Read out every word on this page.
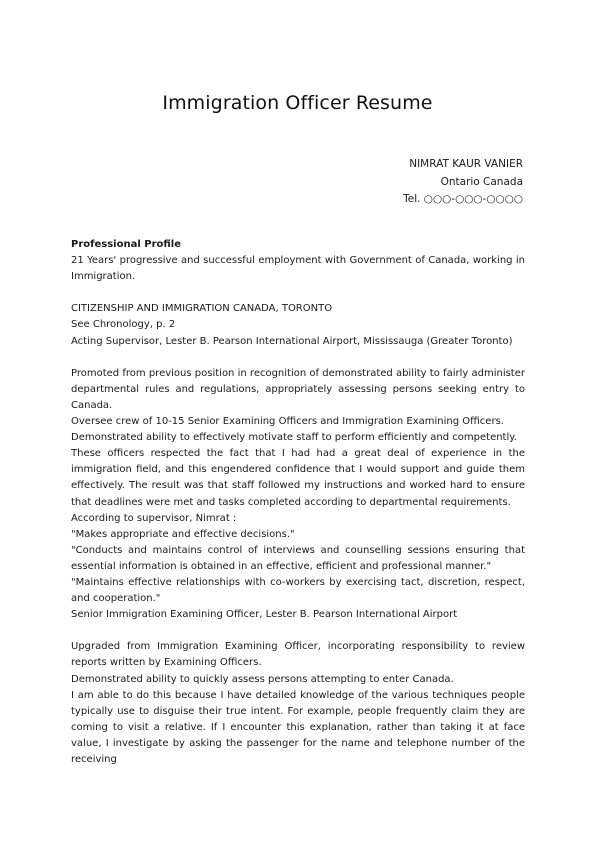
Immigration Officer Resume
NIMRAT KAUR VANIER
Ontario Canada
Tel. ○○○-○○○-○○○○
Professional Profile

21 Years' progressive and successful employment with Government of Canada, working in Immigration.

CITIZENSHIP AND IMMIGRATION CANADA, TORONTO

See Chronology, p. 2

Acting Supervisor, Lester B. Pearson International Airport, Mississauga (Greater Toronto)

Promoted from previous position in recognition of demonstrated ability to fairly administer departmental rules and regulations, appropriately assessing persons seeking entry to Canada.

Oversee crew of 10-15 Senior Examining Officers and Immigration Examining Officers.

Demonstrated ability to effectively motivate staff to perform efficiently and competently.

These officers respected the fact that I had had a great deal of experience in the immigration field, and this engendered confidence that I would support and guide them effectively. The result was that staff followed my instructions and worked hard to ensure that deadlines were met and tasks completed according to departmental requirements.

According to supervisor, Nimrat :

"Makes appropriate and effective decisions."

"Conducts and maintains control of interviews and counselling sessions ensuring that essential information is obtained in an effective, efficient and professional manner."

"Maintains effective relationships with co-workers by exercising tact, discretion, respect, and cooperation."

Senior Immigration Examining Officer, Lester B. Pearson International Airport

Upgraded from Immigration Examining Officer, incorporating responsibility to review reports written by Examining Officers.

Demonstrated ability to quickly assess persons attempting to enter Canada.

I am able to do this because I have detailed knowledge of the various techniques people typically use to disguise their true intent. For example, people frequently claim they are coming to visit a relative. If I encounter this explanation, rather than taking it at face value, I investigate by asking the passenger for the name and telephone number of the receiving
